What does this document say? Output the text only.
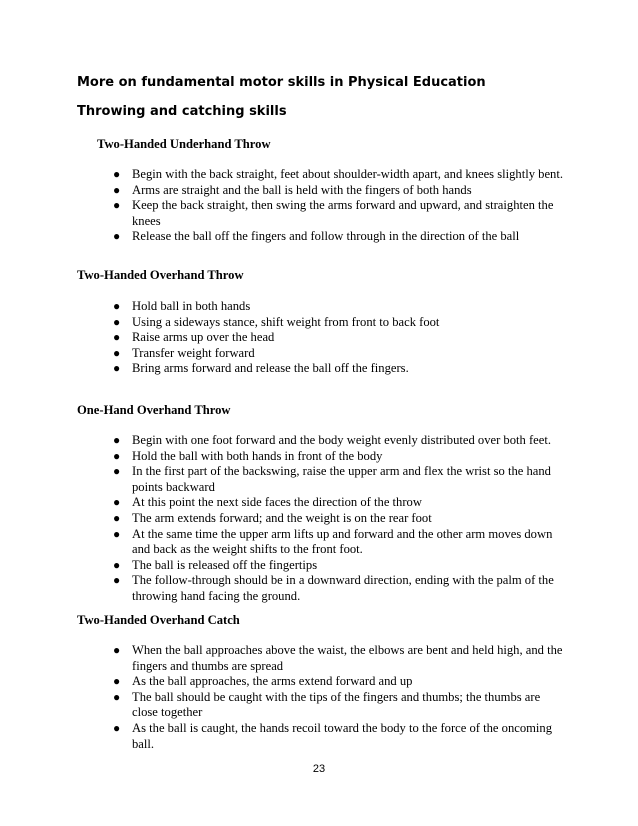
More on fundamental motor skills in Physical Education
Throwing and catching skills
Two-Handed Underhand Throw
● Begin with the back straight, feet about shoulder-width apart, and knees slightly bent.
● Arms are straight and the ball is held with the fingers of both hands
● Keep the back straight, then swing the arms forward and upward, and straighten the knees
● Release the ball off the fingers and follow through in the direction of the ball
Two-Handed Overhand Throw
● Hold ball in both hands
● Using a sideways stance, shift weight from front to back foot
● Raise arms up over the head
● Transfer weight forward
● Bring arms forward and release the ball off the fingers.
One-Hand Overhand Throw
● Begin with one foot forward and the body weight evenly distributed over both feet.
● Hold the ball with both hands in front of the body
● In the first part of the backswing, raise the upper arm and flex the wrist so the hand points backward
● At this point the next side faces the direction of the throw
● The arm extends forward; and the weight is on the rear foot
● At the same time the upper arm lifts up and forward and the other arm moves down and back as the weight shifts to the front foot.
● The ball is released off the fingertips
● The follow-through should be in a downward direction, ending with the palm of the throwing hand facing the ground.
Two-Handed Overhand Catch
● When the ball approaches above the waist, the elbows are bent and held high, and the fingers and thumbs are spread
● As the ball approaches, the arms extend forward and up
● The ball should be caught with the tips of the fingers and thumbs; the thumbs are close together
● As the ball is caught, the hands recoil toward the body to the force of the oncoming ball.
23
